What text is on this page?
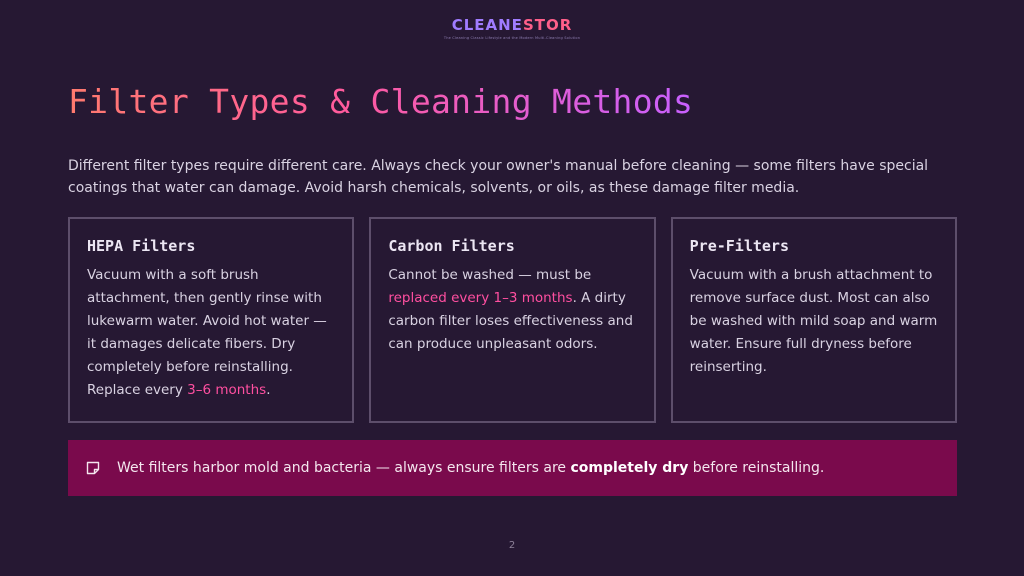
CLEANESTOR
The Cleaning Classic Lifestyle and the Modern Multi-Cleaning Solution
Filter Types & Cleaning Methods

Different filter types require different care. Always check your owner's manual before cleaning — some filters have special coatings that water can damage. Avoid harsh chemicals, solvents, or oils, as these damage filter media.

HEPA Filters

Vacuum with a soft brush attachment, then gently rinse with lukewarm water. Avoid hot water — it damages delicate fibers. Dry completely before reinstalling. Replace every 3–6 months.

Carbon Filters

Cannot be washed — must be replaced every 1–3 months. A dirty carbon filter loses effectiveness and can produce unpleasant odors.

Pre-Filters

Vacuum with a brush attachment to remove surface dust. Most can also be washed with mild soap and warm water. Ensure full dryness before reinserting.

Wet filters harbor mold and bacteria — always ensure filters are completely dry before reinstalling.
2
